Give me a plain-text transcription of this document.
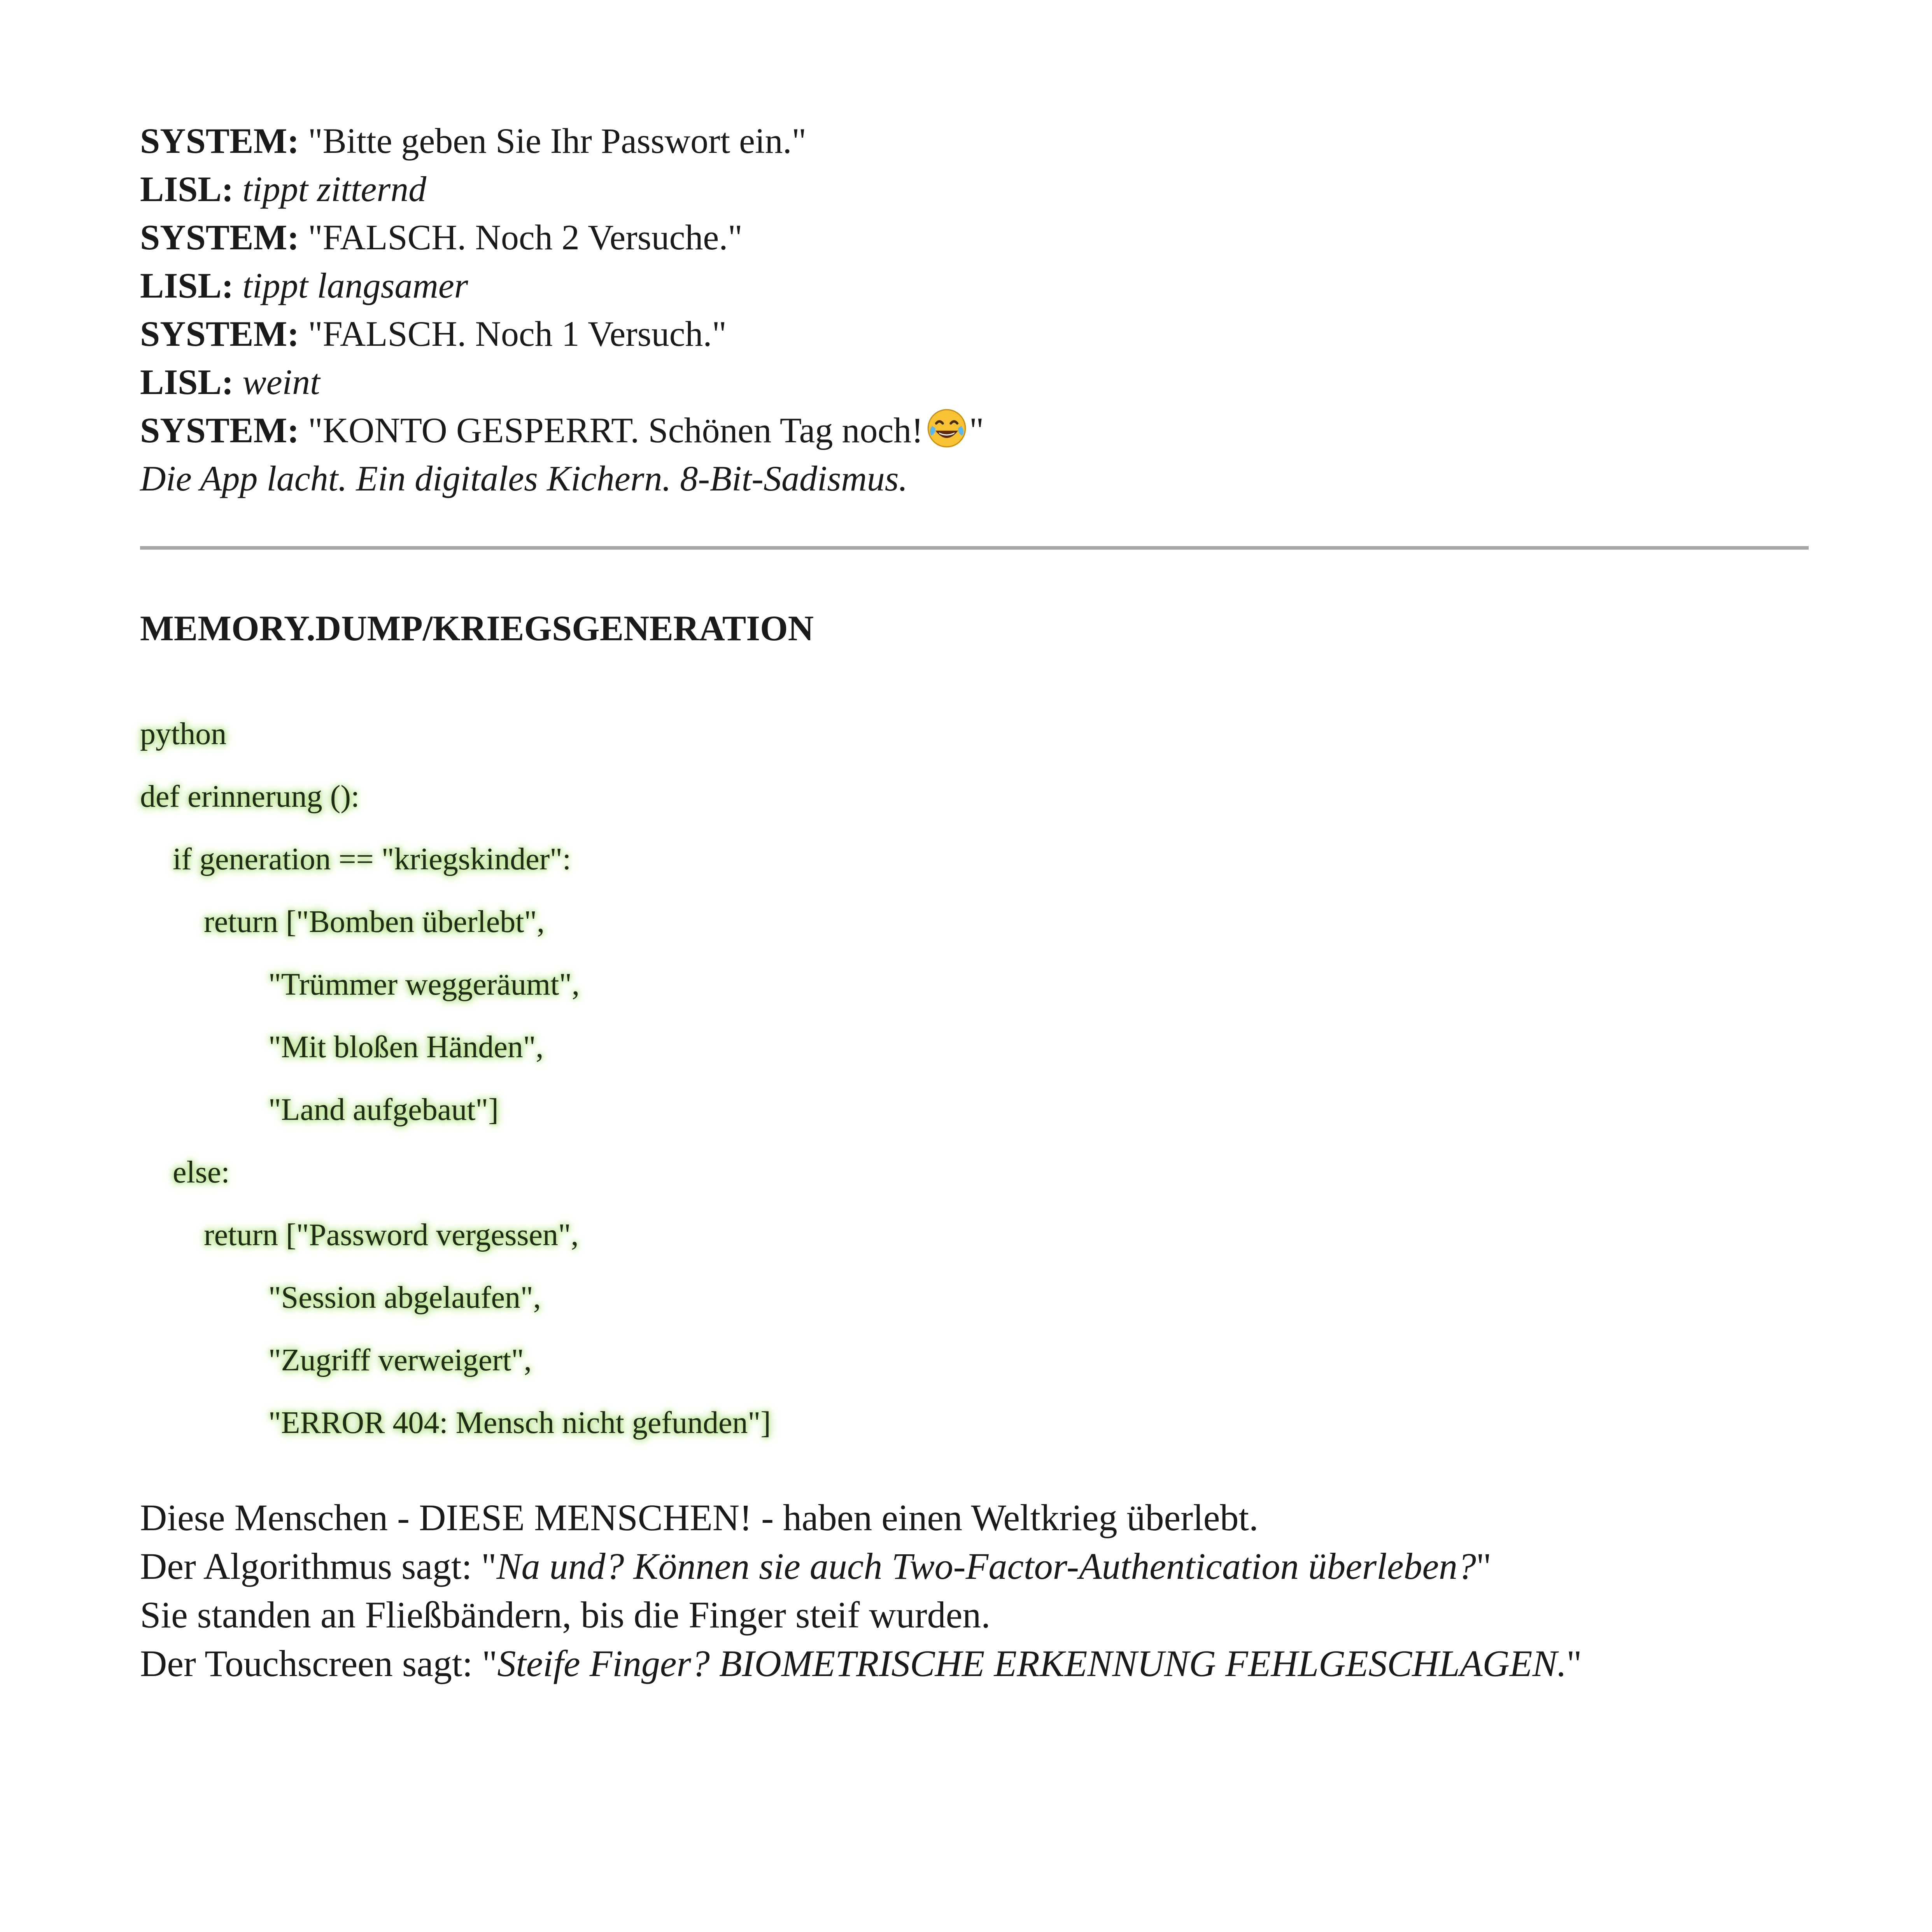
SYSTEM: "Bitte geben Sie Ihr Passwort ein."
LISL: tippt zitternd
SYSTEM: "FALSCH. Noch 2 Versuche."
LISL: tippt langsamer
SYSTEM: "FALSCH. Noch 1 Versuch."
LISL: weint
SYSTEM: "KONTO GESPERRT. Schönen Tag noch! "
Die App lacht. Ein digitales Kichern. 8-Bit-Sadismus.
MEMORY.DUMP/KRIEGSGENERATION
python
def erinnerung ():
if generation == "kriegskinder":
return ["Bomben überlebt",
"Trümmer weggeräumt",
"Mit bloßen Händen",
"Land aufgebaut"]
else:
return ["Password vergessen",
"Session abgelaufen",
"Zugriff verweigert",
"ERROR 404: Mensch nicht gefunden"]
Diese Menschen - DIESE MENSCHEN! - haben einen Weltkrieg überlebt.
Der Algorithmus sagt: "Na und? Können sie auch Two-Factor-Authentication überleben?"
Sie standen an Fließbändern, bis die Finger steif wurden.
Der Touchscreen sagt: "Steife Finger? BIOMETRISCHE ERKENNUNG FEHLGESCHLAGEN."
